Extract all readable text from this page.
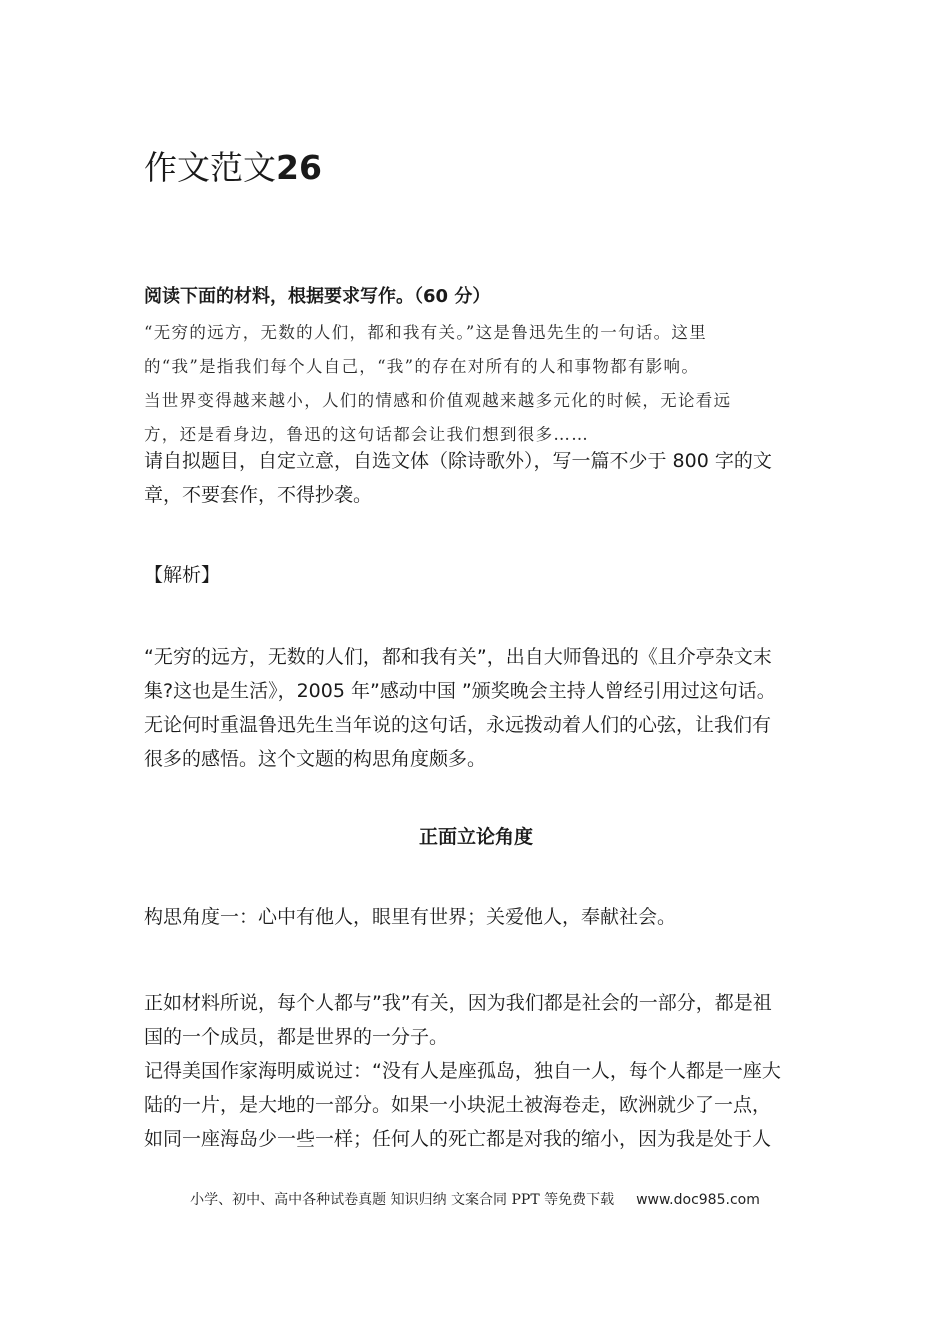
作文范文26

阅读下面的材料，根据要求写作。（60 分）

“无穷的远方，无数的人们，都和我有关。”这是鲁迅先生的一句话。这里
的“我”是指我们每个人自己，“我”的存在对所有的人和事物都有影响。
当世界变得越来越小，人们的情感和价值观越来越多元化的时候，无论看远
方，还是看身边，鲁迅的这句话都会让我们想到很多……
请自拟题目，自定立意，自选文体（除诗歌外），写一篇不少于 800 字的文
章，不要套作，不得抄袭。

【解析】

“无穷的远方，无数的人们，都和我有关”，出自大师鲁迅的《且介亭杂文末
集?这也是生活》，2005 年”感动中国 ”颁奖晚会主持人曾经引用过这句话。
无论何时重温鲁迅先生当年说的这句话，永远拨动着人们的心弦，让我们有
很多的感悟。这个文题的构思角度颇多。

正面立论角度

构思角度一：心中有他人，眼里有世界；关爱他人，奉献社会。

正如材料所说，每个人都与”我”有关，因为我们都是社会的一部分，都是祖
国的一个成员，都是世界的一分子。
记得美国作家海明威说过：“没有人是座孤岛，独自一人，每个人都是一座大
陆的一片，是大地的一部分。如果一小块泥土被海卷走，欧洲就少了一点，
如同一座海岛少一些一样；任何人的死亡都是对我的缩小，因为我是处于人
小学、初中、高中各种试卷真题 知识归纳 文案合同 PPT 等免费下载 www.doc985.com
